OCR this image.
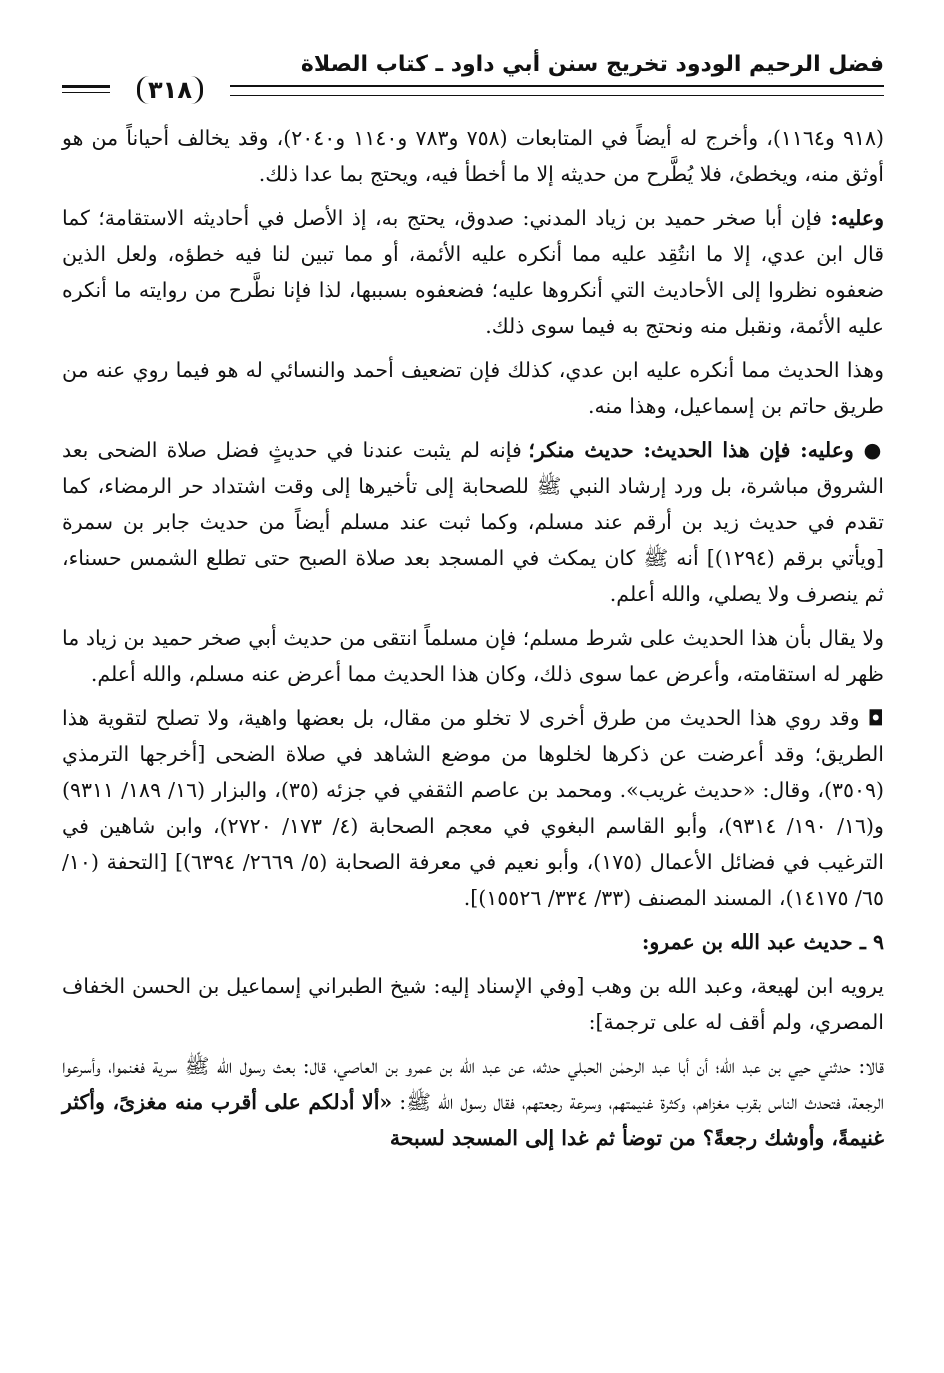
فضل الرحيم الودود تخريج سنن أبي داود ـ كتاب الصلاة
٣١٨

(٩١٨ و١١٦٤)، وأخرج له أيضاً في المتابعات (٧٥٨ و٧٨٣ و١١٤٠ و٢٠٤٠)، وقد يخالف أحياناً من هو أوثق منه، ويخطئ، فلا يُطَّرح من حديثه إلا ما أخطأ فيه، ويحتج بما عدا ذلك.

وعليه: فإن أبا صخر حميد بن زياد المدني: صدوق، يحتج به، إذ الأصل في أحاديثه الاستقامة؛ كما قال ابن عدي، إلا ما انتُقِد عليه مما أنكره عليه الأئمة، أو مما تبين لنا فيه خطؤه، ولعل الذين ضعفوه نظروا إلى الأحاديث التي أنكروها عليه؛ فضعفوه بسببها، لذا فإنا نطَّرح من روايته ما أنكره عليه الأئمة، ونقبل منه ونحتج به فيما سوى ذلك.

وهذا الحديث مما أنكره عليه ابن عدي، كذلك فإن تضعيف أحمد والنسائي له هو فيما روي عنه من طريق حاتم بن إسماعيل، وهذا منه.

● وعليه: فإن هذا الحديث: حديث منكر؛ فإنه لم يثبت عندنا في حديثٍ فضل صلاة الضحى بعد الشروق مباشرة، بل ورد إرشاد النبي ﷺ للصحابة إلى تأخيرها إلى وقت اشتداد حر الرمضاء، كما تقدم في حديث زيد بن أرقم عند مسلم، وكما ثبت عند مسلم أيضاً من حديث جابر بن سمرة [ويأتي برقم (١٢٩٤)] أنه ﷺ كان يمكث في المسجد بعد صلاة الصبح حتى تطلع الشمس حسناء، ثم ينصرف ولا يصلي، والله أعلم.

ولا يقال بأن هذا الحديث على شرط مسلم؛ فإن مسلماً انتقى من حديث أبي صخر حميد بن زياد ما ظهر له استقامته، وأعرض عما سوى ذلك، وكان هذا الحديث مما أعرض عنه مسلم، والله أعلم.

◘ وقد روي هذا الحديث من طرق أخرى لا تخلو من مقال، بل بعضها واهية، ولا تصلح لتقوية هذا الطريق؛ وقد أعرضت عن ذكرها لخلوها من موضع الشاهد في صلاة الضحى [أخرجها الترمذي (٣٥٠٩)، وقال: «حديث غريب». ومحمد بن عاصم الثقفي في جزئه (٣٥)، والبزار (١٦/ ١٨٩/ ٩٣١١) و(١٦/ ١٩٠/ ٩٣١٤)، وأبو القاسم البغوي في معجم الصحابة (٤/ ١٧٣/ ٢٧٢٠)، وابن شاهين في الترغيب في فضائل الأعمال (١٧٥)، وأبو نعيم في معرفة الصحابة (٥/ ٢٦٦٩/ ٦٣٩٤)] [التحفة (١٠/ ٦٥/ ١٤١٧٥)، المسند المصنف (٣٣/ ٣٣٤/ ١٥٥٢٦)].

٩ ـ حديث عبد الله بن عمرو:

يرويه ابن لهيعة، وعبد الله بن وهب [وفي الإسناد إليه: شيخ الطبراني إسماعيل بن الحسن الخفاف المصري، ولم أقف له على ترجمة]:

قالا: حدثني حيي بن عبد الله؛ أن أبا عبد الرحمٰن الحبلي حدثه، عن عبد الله بن عمرو بن العاصي، قال: بعث رسول الله ﷺ سرية فغنموا، وأسرعوا الرجعة، فتحدث الناس بقرب مغزاهم، وكثرة غنيمتهم، وسرعة رجعتهم، فقال رسول الله ﷺ: «ألا أدلكم على أقرب منه مغزىً، وأكثر غنيمةً، وأوشك رجعةً؟ من توضأ ثم غدا إلى المسجد لسبحة
